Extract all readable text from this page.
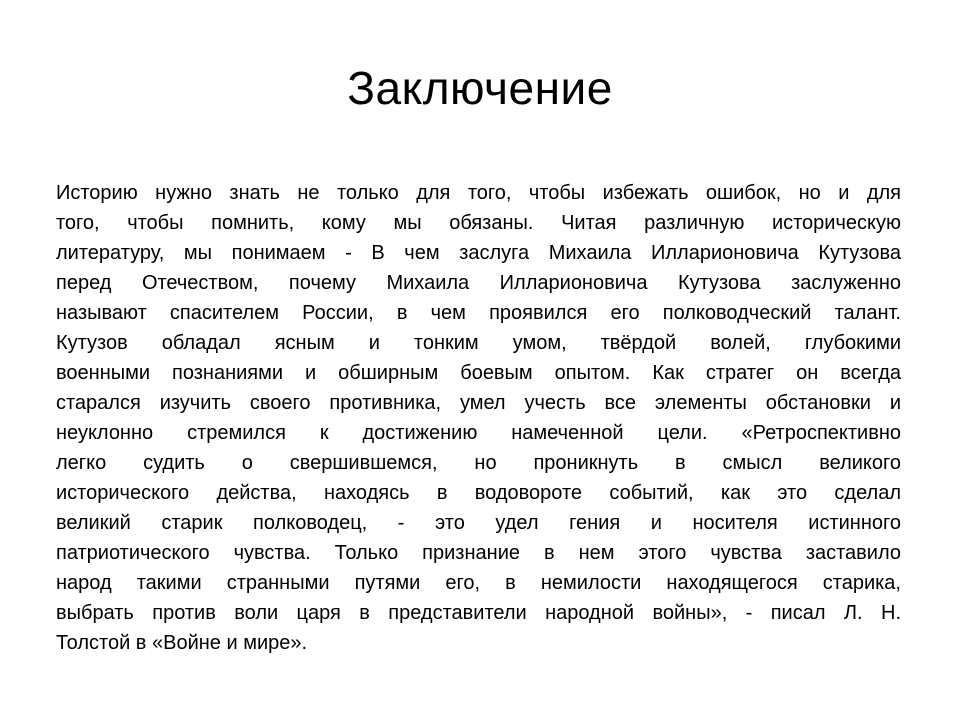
Заключение
Историю нужно знать не только для того, чтобы избежать ошибок, но и для
того, чтобы помнить, кому мы обязаны. Читая различную историческую
литературу, мы понимаем - В чем заслуга Михаила Илларионовича Кутузова
перед Отечеством, почему Михаила Илларионовича Кутузова заслуженно
называют спасителем России, в чем проявился его полководческий талант.
Кутузов обладал ясным и тонким умом, твёрдой волей, глубокими
военными познаниями и обширным боевым опытом. Как стратег он всегда
старался изучить своего противника, умел учесть все элементы обстановки и
неуклонно стремился к достижению намеченной цели. «Ретроспективно
легко судить о свершившемся, но проникнуть в смысл великого
исторического действа, находясь в водовороте событий, как это сделал
великий старик полководец, - это удел гения и носителя истинного
патриотического чувства. Только признание в нем этого чувства заставило
народ такими странными путями его, в немилости находящегося старика,
выбрать против воли царя в представители народной войны», - писал Л. Н.
Толстой в «Войне и мире».
